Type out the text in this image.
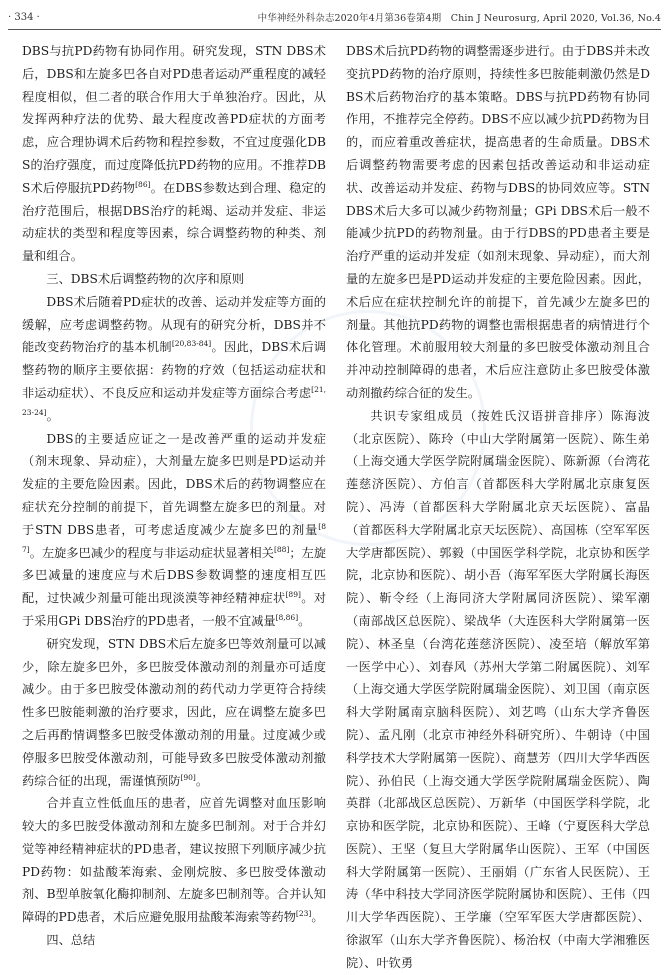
· 334 ·	中华神经外科杂志2020年4月第36卷第4期　Chin J Neurosurg, April 2020, Vol.36, No.4

DBS与抗PD药物有协同作用。研究发现，STN DBS术后，DBS和左旋多巴各自对PD患者运动严重程度的减轻程度相似，但二者的联合作用大于单独治疗。因此，从发挥两种疗法的优势、最大程度改善PD症状的方面考虑，应合理协调术后药物和程控参数，不宜过度强化DBS的治疗强度，而过度降低抗PD药物的应用。不推荐DBS术后停服抗PD药物[86]。在DBS参数达到合理、稳定的治疗范围后，根据DBS治疗的耗竭、运动并发症、非运动症状的类型和程度等因素，综合调整药物的种类、剂量和组合。

三、DBS术后调整药物的次序和原则

DBS术后随着PD症状的改善、运动并发症等方面的缓解，应考虑调整药物。从现有的研究分析，DBS并不能改变药物治疗的基本机制[20,83-84]。因此，DBS术后调整药物的顺序主要依据：药物的疗效（包括运动症状和非运动症状）、不良反应和运动并发症等方面综合考虑[21,23-24]。

DBS的主要适应证之一是改善严重的运动并发症（剂末现象、异动症），大剂量左旋多巴则是PD运动并发症的主要危险因素。因此，DBS术后的药物调整应在症状充分控制的前提下，首先调整左旋多巴的剂量。对于STN DBS患者，可考虑适度减少左旋多巴的剂量[87]。左旋多巴减少的程度与非运动症状显著相关[88]；左旋多巴减量的速度应与术后DBS参数调整的速度相互匹配，过快减少剂量可能出现淡漠等神经精神症状[89]。对于采用GPi DBS治疗的PD患者，一般不宜减量[8,86]。

研究发现，STN DBS术后左旋多巴等效剂量可以减少，除左旋多巴外，多巴胺受体激动剂的剂量亦可适度减少。由于多巴胺受体激动剂的药代动力学更符合持续性多巴胺能刺激的治疗要求，因此，应在调整左旋多巴之后再酌情调整多巴胺受体激动剂的用量。过度减少或停服多巴胺受体激动剂，可能导致多巴胺受体激动剂撤药综合征的出现，需谨慎预防[90]。

合并直立性低血压的患者，应首先调整对血压影响较大的多巴胺受体激动剂和左旋多巴制剂。对于合并幻觉等神经精神症状的PD患者，建议按照下列顺序减少抗PD药物：如盐酸苯海索、金刚烷胺、多巴胺受体激动剂、B型单胺氧化酶抑制剂、左旋多巴制剂等。合并认知障碍的PD患者，术后应避免服用盐酸苯海索等药物[23]。

四、总结

DBS术后抗PD药物的调整需逐步进行。由于DBS并未改变抗PD药物的治疗原则，持续性多巴胺能刺激仍然是DBS术后药物治疗的基本策略。DBS与抗PD药物有协同作用，不推荐完全停药。DBS不应以减少抗PD药物为目的，而应着重改善症状，提高患者的生命质量。DBS术后调整药物需要考虑的因素包括改善运动和非运动症状、改善运动并发症、药物与DBS的协同效应等。STN DBS术后大多可以减少药物剂量；GPi DBS术后一般不能减少抗PD的药物剂量。由于行DBS的PD患者主要是治疗严重的运动并发症（如剂末现象、异动症），而大剂量的左旋多巴是PD运动并发症的主要危险因素。因此，术后应在症状控制允许的前提下，首先减少左旋多巴的剂量。其他抗PD药物的调整也需根据患者的病情进行个体化管理。术前服用较大剂量的多巴胺受体激动剂且合并冲动控制障碍的患者，术后应注意防止多巴胺受体激动剂撤药综合征的发生。

共识专家组成员（按姓氏汉语拼音排序）陈海波（北京医院）、陈玲（中山大学附属第一医院）、陈生弟（上海交通大学医学院附属瑞金医院）、陈新源（台湾花莲慈济医院）、方伯言（首都医科大学附属北京康复医院）、冯涛（首都医科大学附属北京天坛医院）、富晶（首都医科大学附属北京天坛医院）、高国栋（空军军医大学唐都医院）、郭毅（中国医学科学院，北京协和医学院，北京协和医院）、胡小吾（海军军医大学附属长海医院）、靳令经（上海同济大学附属同济医院）、梁军潮（南部战区总医院）、梁战华（大连医科大学附属第一医院）、林圣皇（台湾花莲慈济医院）、凌至培（解放军第一医学中心）、刘春风（苏州大学第二附属医院）、刘军（上海交通大学医学院附属瑞金医院）、刘卫国（南京医科大学附属南京脑科医院）、刘艺鸣（山东大学齐鲁医院）、孟凡刚（北京市神经外科研究所）、牛朝诗（中国科学技术大学附属第一医院）、商慧芳（四川大学华西医院）、孙伯民（上海交通大学医学院附属瑞金医院）、陶英群（北部战区总医院）、万新华（中国医学科学院，北京协和医学院，北京协和医院）、王峰（宁夏医科大学总医院）、王坚（复旦大学附属华山医院）、王军（中国医科大学附属第一医院）、王丽娟（广东省人民医院）、王涛（华中科技大学同济医学院附属协和医院）、王伟（四川大学华西医院）、王学廉（空军军医大学唐都医院）、徐淑军（山东大学齐鲁医院）、杨治权（中南大学湘雅医院）、叶钦勇
